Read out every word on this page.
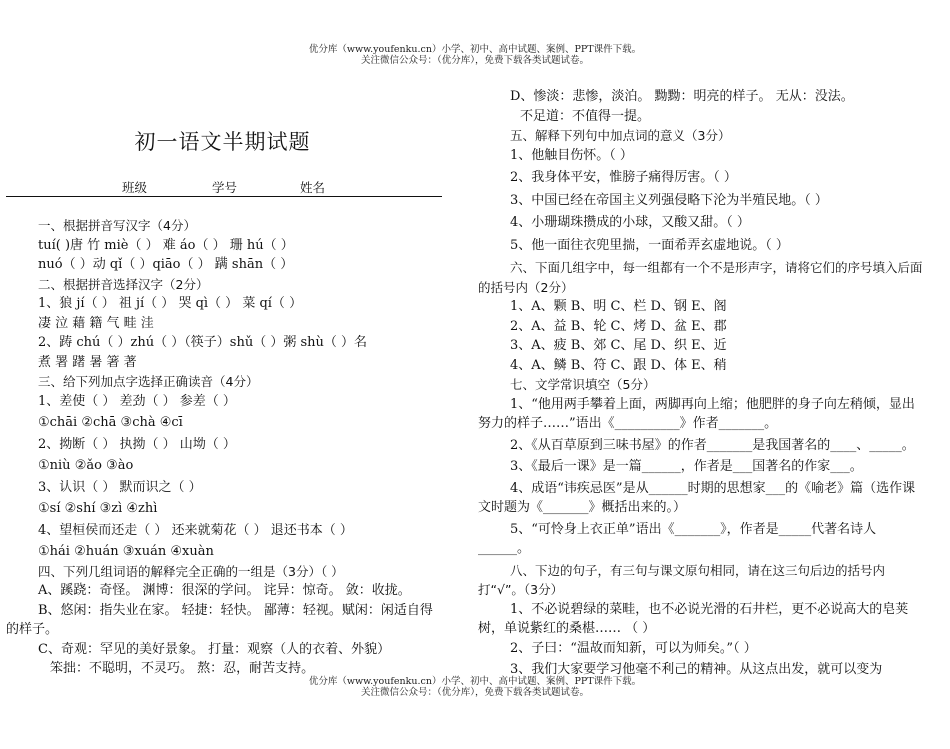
优分库（www.youfenku.cn）小学、初中、高中试题、案例、PPT课件下载。
关注微信公众号：（优分库），免费下载各类试题试卷。
初一语文半期试题
班级	学号	姓名
一、根据拼音写汉字（4分）
tuí( )唐 竹 miè（ ） 难 áo（ ） 珊 hú（ ）
nuó（ ）动 qǐ（ ）qiāo（ ） 蹒 shān（ ）
二、根据拼音选择汉字（2分）
1、狼 jí（ ） 祖 jí（ ） 哭 qì（ ） 菜 qí（ ）
凄 泣 藉 籍 气 畦 洼
2、踌 chú（ ）zhú（ ）（筷子）shǔ（ ）粥 shù（ ）名
煮 署 躇 暑 箸 著
三、给下列加点字选择正确读音（4分）
1、差使（ ） 差劲（ ） 参差（ ）
①chāi ②chā ③chà ④cī
2、拗断（ ） 执拗（ ） 山坳（ ）
①niù ②ǎo ③ào
3、认识（ ） 默而识之（ ）
①sí ②shí ③zì ④zhì
4、望桓侯而还走（ ） 还来就菊花（ ） 退还书本（ ）
①hái ②huán ③xuán ④xuàn
四、下列几组词语的解释完全正确的一组是（3分）（ ）
A、蹊跷：奇怪。 渊博：很深的学问。 诧异：惊奇。 敛：收拢。
B、悠闲：指失业在家。 轻捷：轻快。 鄙薄：轻视。赋闲：闲适自得的样子。
C、奇观：罕见的美好景象。 打量：观察（人的衣着、外貌）
笨拙：不聪明，不灵巧。 熬：忍，耐苦支持。
D、惨淡：悲惨，淡泊。 黝黝：明亮的样子。 无从：没法。
不足道：不值得一提。
五、解释下列句中加点词的意义（3分）
1、他触目伤怀。（ ）
2、我身体平安，惟膀子痛得厉害。（ ）
3、中国已经在帝国主义列强侵略下沦为半殖民地。（ ）
4、小珊瑚珠攒成的小球，又酸又甜。（ ）
5、他一面往衣兜里揣，一面希弄玄虚地说。（ ）
六、下面几组字中，每一组都有一个不是形声字，请将它们的序号填入后面的括号内（2分）
1、A、颗 B、明 C、栏 D、钢 E、阁
2、A、益 B、轮 C、烤 D、盆 E、郡
3、A、疲 B、郊 C、尾 D、织 E、近
4、A、鳞 B、符 C、跟 D、体 E、稍
七、文学常识填空（5分）
1、“他用两手攀着上面，两脚再向上缩；他肥胖的身子向左稍倾，显出努力的样子……”语出《__________》作者_______。
2、《从百草原到三味书屋》的作者_______是我国著名的____、_____。
3、《最后一课》是一篇______，作者是___国著名的作家___。
4、成语“讳疾忌医”是从______时期的思想家___的《喻老》篇（选作课文时题为《_______》概括出来的。）
5、“可怜身上衣正单”语出《_______》，作者是_____代著名诗人______。
八、下边的句子，有三句与课文原句相同，请在这三句后边的括号内打“√”。（3分）
1、不必说碧绿的菜畦，也不必说光滑的石井栏，更不必说高大的皂荚树，单说紫红的桑椹…… （ ）
2、子曰：“温故而知新，可以为师矣。”（ ）
3、我们大家要学习他毫不利己的精神。从这点出发，就可以变为
优分库（www.youfenku.cn）小学、初中、高中试题、案例、PPT课件下载。
关注微信公众号：（优分库），免费下载各类试题试卷。
